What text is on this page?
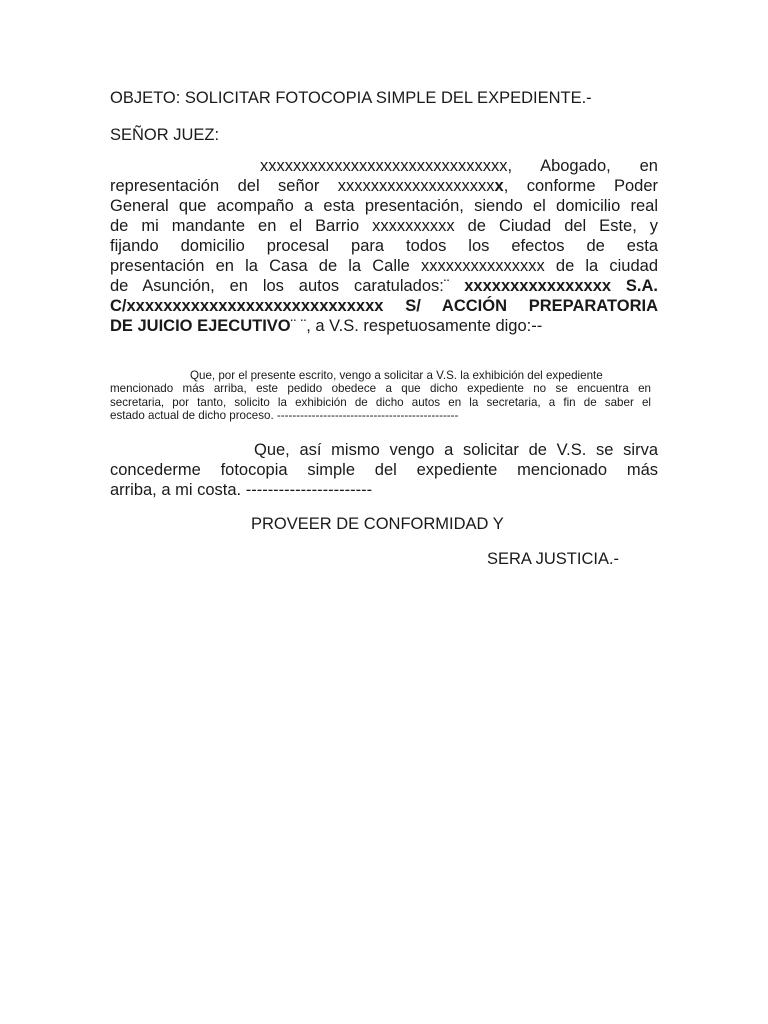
OBJETO: SOLICITAR FOTOCOPIA SIMPLE DEL EXPEDIENTE.-
SEÑOR JUEZ:
xxxxxxxxxxxxxxxxxxxxxxxxxxxxxx, Abogado, en
representación del señor xxxxxxxxxxxxxxxxxxxx, conforme Poder
General que acompaño a esta presentación, siendo el domicilio real
de mi mandante en el Barrio xxxxxxxxxx de Ciudad del Este, y
fijando domicilio procesal para todos los efectos de esta
presentación en la Casa de la Calle xxxxxxxxxxxxxxx de la ciudad
de Asunción, en los autos caratulados:¨ xxxxxxxxxxxxxxxx S.A.
C/xxxxxxxxxxxxxxxxxxxxxxxxxxxx S/ ACCIÓN PREPARATORIA
DE JUICIO EJECUTIVO¨ ¨, a V.S. respetuosamente digo:--
Que, por el presente escrito, vengo a solicitar a V.S. la exhibición del expediente
mencionado más arriba, este pedido obedece a que dicho expediente no se encuentra en
secretaria, por tanto, solicito la exhibición de dicho autos en la secretaria, a fin de saber el
estado actual de dicho proceso. -----------------------------------------------
Que, así mismo vengo a solicitar de V.S. se sirva
concederme fotocopia simple del expediente mencionado más
arriba, a mi costa. -----------------------
PROVEER DE CONFORMIDAD Y
SERA JUSTICIA.-
